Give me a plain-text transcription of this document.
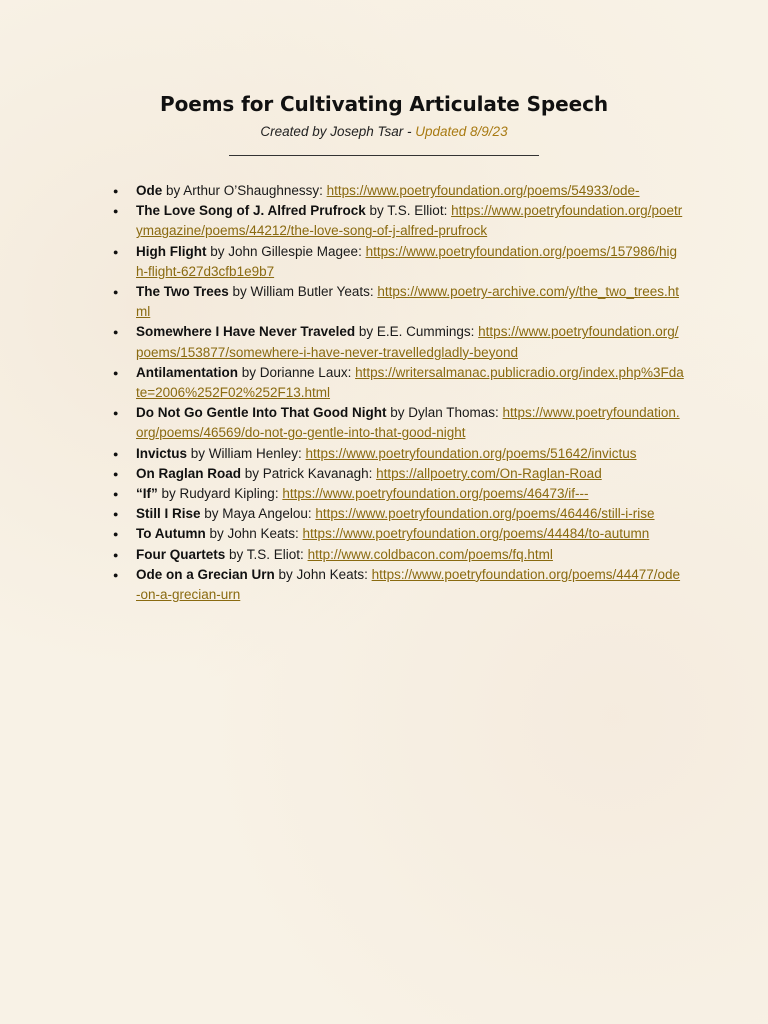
Poems for Cultivating Articulate Speech
Created by Joseph Tsar - Updated 8/9/23
● Ode by Arthur O’Shaughnessy: https://www.poetryfoundation.org/poems/54933/ode-
● The Love Song of J. Alfred Prufrock by T.S. Elliot: https://www.poetryfoundation.org/poetrymagazine/poems/44212/the-love-song-of-j-alfred-prufrock
● High Flight by John Gillespie Magee: https://www.poetryfoundation.org/poems/157986/high-flight-627d3cfb1e9b7
● The Two Trees by William Butler Yeats: https://www.poetry-archive.com/y/the_two_trees.html
● Somewhere I Have Never Traveled by E.E. Cummings: https://www.poetryfoundation.org/poems/153877/somewhere-i-have-never-travelledgladly-beyond
● Antilamentation by Dorianne Laux: https://writersalmanac.publicradio.org/index.php%3Fdate=2006%252F02%252F13.html
● Do Not Go Gentle Into That Good Night by Dylan Thomas: https://www.poetryfoundation.org/poems/46569/do-not-go-gentle-into-that-good-night
● Invictus by William Henley: https://www.poetryfoundation.org/poems/51642/invictus
● On Raglan Road by Patrick Kavanagh: https://allpoetry.com/On-Raglan-Road
● “If” by Rudyard Kipling: https://www.poetryfoundation.org/poems/46473/if---
● Still I Rise by Maya Angelou: https://www.poetryfoundation.org/poems/46446/still-i-rise
● To Autumn by John Keats: https://www.poetryfoundation.org/poems/44484/to-autumn
● Four Quartets by T.S. Eliot: http://www.coldbacon.com/poems/fq.html
● Ode on a Grecian Urn by John Keats: https://www.poetryfoundation.org/poems/44477/ode-on-a-grecian-urn
